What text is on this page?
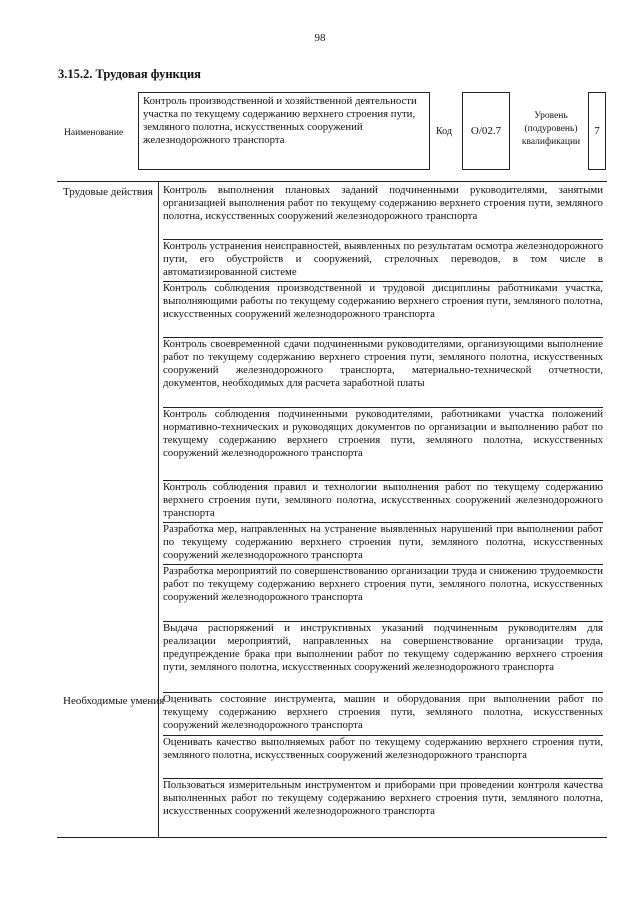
98
3.15.2. Трудовая функция
Наименование
Контроль производственной и хозяйственной деятельности участка по текущему содержанию верхнего строения пути, земляного полотна, искусственных сооружений железнодорожного транспорта
Код	О/02.7
Уровень (подуровень) квалификации
7
Трудовые действия Контроль выполнения плановых заданий подчиненными руководителями, занятыми организацией выполнения работ по текущему содержанию верхнего строения пути, земляного полотна, искусственных сооружений железнодорожного транспорта
Контроль устранения неисправностей, выявленных по результатам осмотра железнодорожного пути, его обустройств и сооружений, стрелочных переводов, в том числе в автоматизированной системе
Контроль соблюдения производственной и трудовой дисциплины работниками участка, выполняющими работы по текущему содержанию верхнего строения пути, земляного полотна, искусственных сооружений железнодорожного транспорта
Контроль своевременной сдачи подчиненными руководителями, организующими выполнение работ по текущему содержанию верхнего строения пути, земляного полотна, искусственных сооружений железнодорожного транспорта, материально-технической отчетности, документов, необходимых для расчета заработной платы
Контроль соблюдения подчиненными руководителями, работниками участка положений нормативно-технических и руководящих документов по организации и выполнению работ по текущему содержанию верхнего строения пути, земляного полотна, искусственных сооружений железнодорожного транспорта
Контроль соблюдения правил и технологии выполнения работ по текущему содержанию верхнего строения пути, земляного полотна, искусственных сооружений железнодорожного транспорта
Разработка мер, направленных на устранение выявленных нарушений при выполнении работ по текущему содержанию верхнего строения пути, земляного полотна, искусственных сооружений железнодорожного транспорта
Разработка мероприятий по совершенствованию организации труда и снижению трудоемкости работ по текущему содержанию верхнего строения пути, земляного полотна, искусственных сооружений железнодорожного транспорта
Выдача распоряжений и инструктивных указаний подчиненным руководителям для реализации мероприятий, направленных на совершенствование организации труда, предупреждение брака при выполнении работ по текущему содержанию верхнего строения пути, земляного полотна, искусственных сооружений железнодорожного транспорта
Необходимые умения
Оценивать состояние инструмента, машин и оборудования при выполнении работ по текущему содержанию верхнего строения пути, земляного полотна, искусственных сооружений железнодорожного транспорта
Оценивать качество выполняемых работ по текущему содержанию верхнего строения пути, земляного полотна, искусственных сооружений железнодорожного транспорта
Пользоваться измерительным инструментом и приборами при проведении контроля качества выполненных работ по текущему содержанию верхнего строения пути, земляного полотна, искусственных сооружений железнодорожного транспорта
